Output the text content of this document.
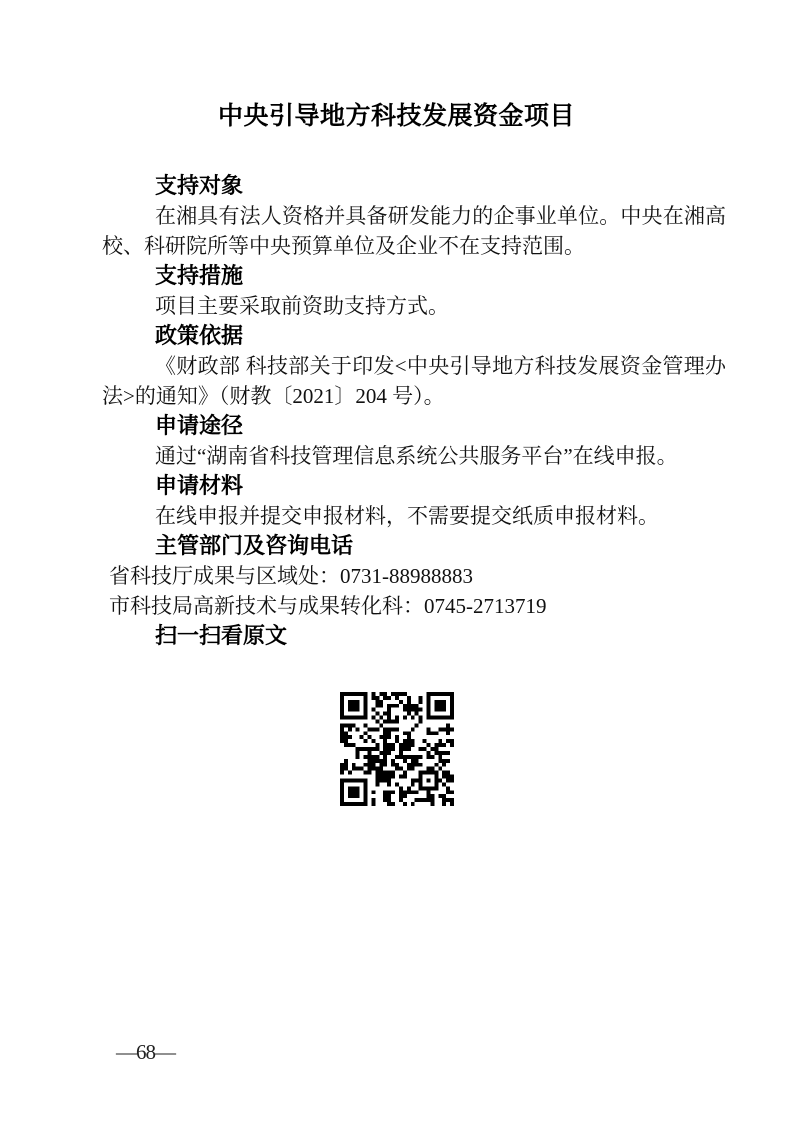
中央引导地方科技发展资金项目
支持对象

在湘具有法人资格并具备研发能力的企事业单位。中央在湘高校、科研院所等中央预算单位及企业不在支持范围。

支持措施

项目主要采取前资助支持方式。

政策依据

《财政部 科技部关于印发<中央引导地方科技发展资金管理办法>的通知》（财教〔2021〕204 号）。

申请途径

通过“湖南省科技管理信息系统公共服务平台”在线申报。

申请材料

在线申报并提交申报材料，不需要提交纸质申报材料。

主管部门及咨询电话

省科技厅成果与区域处：0731-88988883

市科技局高新技术与成果转化科：0745-2713719

扫一扫看原文
—68—
